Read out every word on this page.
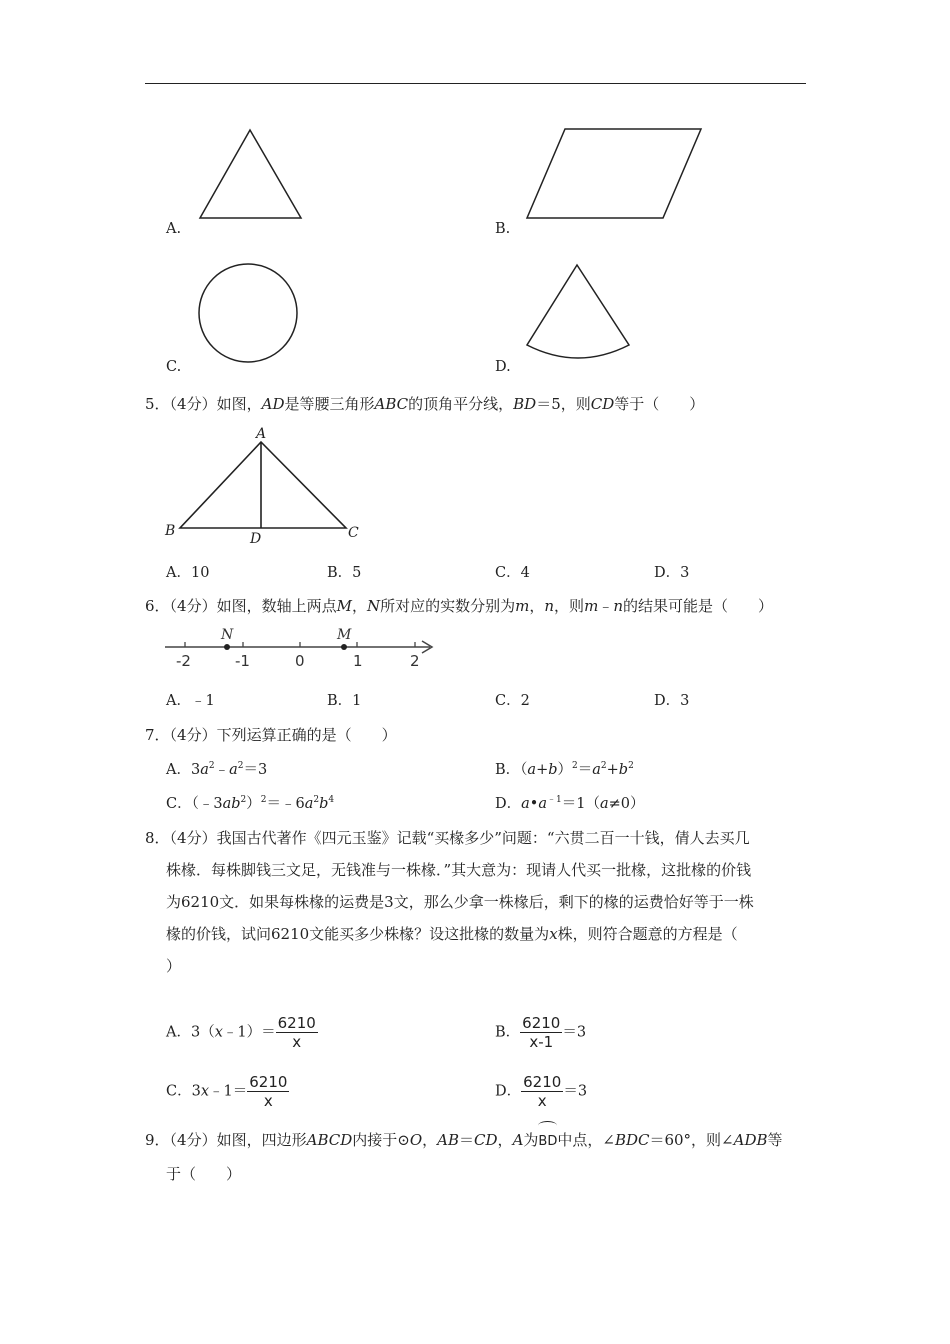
A.	B.
C.	D.
5．（4分）如图，AD是等腰三角形ABC的顶角平分线，BD＝5，则CD等于（　　）
A
B	C
D
A．10	B．5	C．4	D．3
6．（4分）如图，数轴上两点M，N所对应的实数分别为m，n，则m﹣n的结果可能是（　　）
-2	-1	0	1	2
N	M
A．﹣1	B．1	C．2	D．3
7．（4分）下列运算正确的是（　　）
A．$3a^2﹣a^2=3$	B．$(a+b)^2=a^2+b^2$
C．$(﹣3ab^2)^2=﹣6a^2b^4$	D．$a•a^{﹣1}=1(a\ne 0)$
8．（4分）我国古代著作《四元玉鉴》记载“买椽多少”问题：“六贯二百一十钱，倩人去买几
株椽．每株脚钱三文足，无钱准与一株椽．”其大意为：现请人代买一批椽，这批椽的价钱
为6210文．如果每株椽的运费是3文，那么少拿一株椽后，剩下的椽的运费恰好等于一株
椽的价钱，试问6210文能买多少株椽？设这批椽的数量为x株，则符合题意的方程是（
）
A．3（x﹣1）＝ $\frac{6210}{x}$	B． $\frac{6210}{x-1} =3$
C．3x﹣1＝ $\frac{6210}{x}$	D． $\frac{6210}{x} =3$
9．（4分）如图，四边形ABCD内接于⊙O，AB＝CD，A为BD中点，∠BDC＝60°，则∠ADB等
于（　　）
